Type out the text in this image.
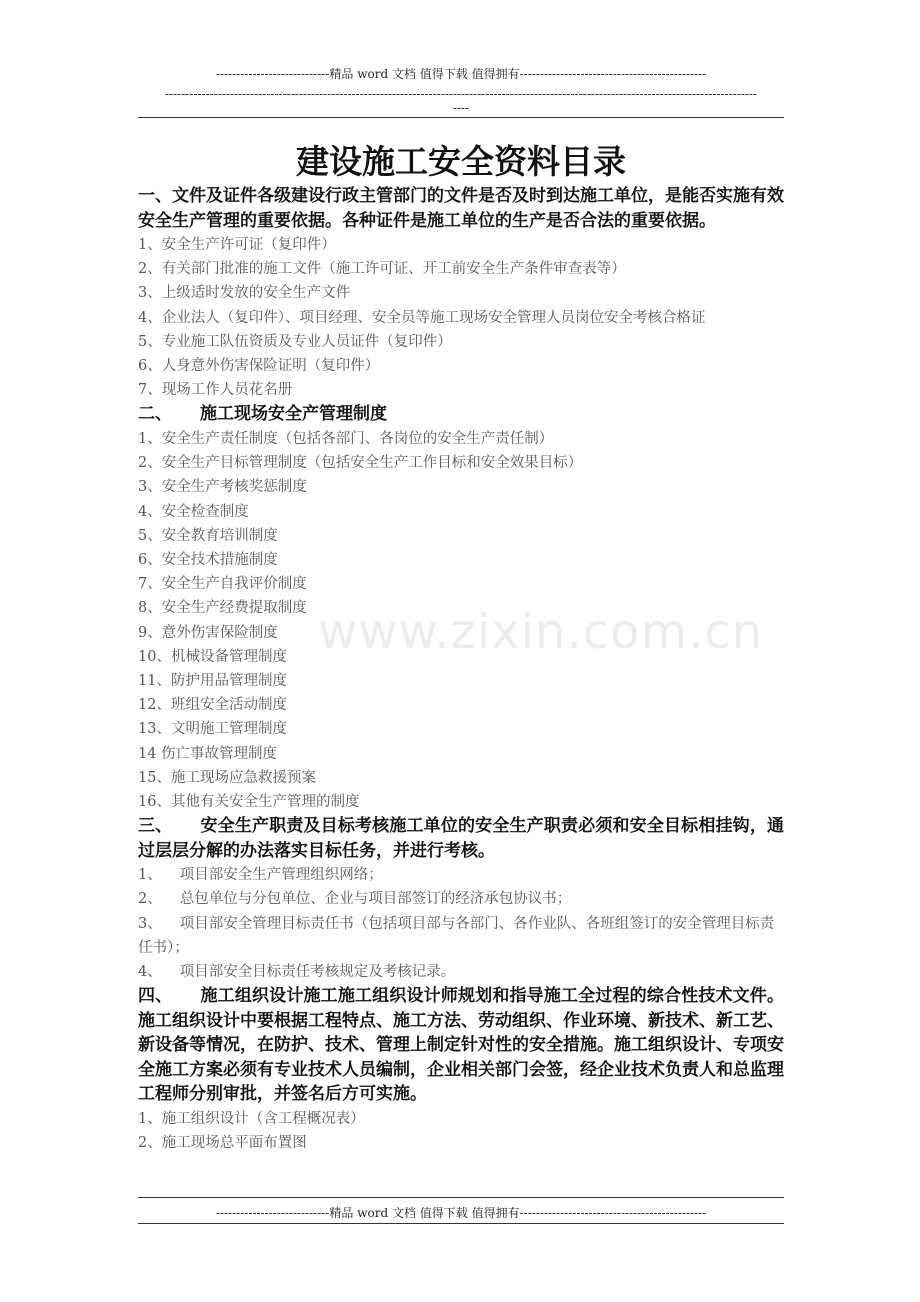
----------------------------精品 word 文档 值得下载 值得拥有----------------------------------------------
--------------------------------------------------------------------------------------------------------------------------------------------------
----
建设施工安全资料目录

一、文件及证件各级建设行政主管部门的文件是否及时到达施工单位，是能否实施有效安全生产管理的重要依据。各种证件是施工单位的生产是否合法的重要依据。

1、安全生产许可证（复印件）

2、有关部门批准的施工文件（施工许可证、开工前安全生产条件审查表等）

3、上级适时发放的安全生产文件

4、企业法人（复印件）、项目经理、安全员等施工现场安全管理人员岗位安全考核合格证

5、专业施工队伍资质及专业人员证件（复印件）

6、人身意外伤害保险证明（复印件）

7、现场工作人员花名册

二、 施工现场安全产管理制度

1、安全生产责任制度（包括各部门、各岗位的安全生产责任制）

2、安全生产目标管理制度（包括安全生产工作目标和安全效果目标）

3、安全生产考核奖惩制度

4、安全检查制度

5、安全教育培训制度

6、安全技术措施制度

7、安全生产自我评价制度

8、安全生产经费提取制度

9、意外伤害保险制度

10、机械设备管理制度

11、防护用品管理制度

12、班组安全活动制度

13、文明施工管理制度

14 伤亡事故管理制度

15、施工现场应急救援预案

16、其他有关安全生产管理的制度

三、 安全生产职责及目标考核施工单位的安全生产职责必须和安全目标相挂钩，通过层层分解的办法落实目标任务，并进行考核。

1、 项目部安全生产管理组织网络；

2、 总包单位与分包单位、企业与项目部签订的经济承包协议书；

3、 项目部安全管理目标责任书（包括项目部与各部门、各作业队、各班组签订的安全管理目标责任书）；

4、 项目部安全目标责任考核规定及考核记录。

四、 施工组织设计施工施工组织设计师规划和指导施工全过程的综合性技术文件。施工组织设计中要根据工程特点、施工方法、劳动组织、作业环境、新技术、新工艺、新设备等情况，在防护、技术、管理上制定针对性的安全措施。施工组织设计、专项安全施工方案必须有专业技术人员编制，企业相关部门会签，经企业技术负责人和总监理工程师分别审批，并签名后方可实施。

1、施工组织设计（含工程概况表）

2、施工现场总平面布置图

----------------------------精品 word 文档 值得下载 值得拥有----------------------------------------------
www.zixin.com.cn
